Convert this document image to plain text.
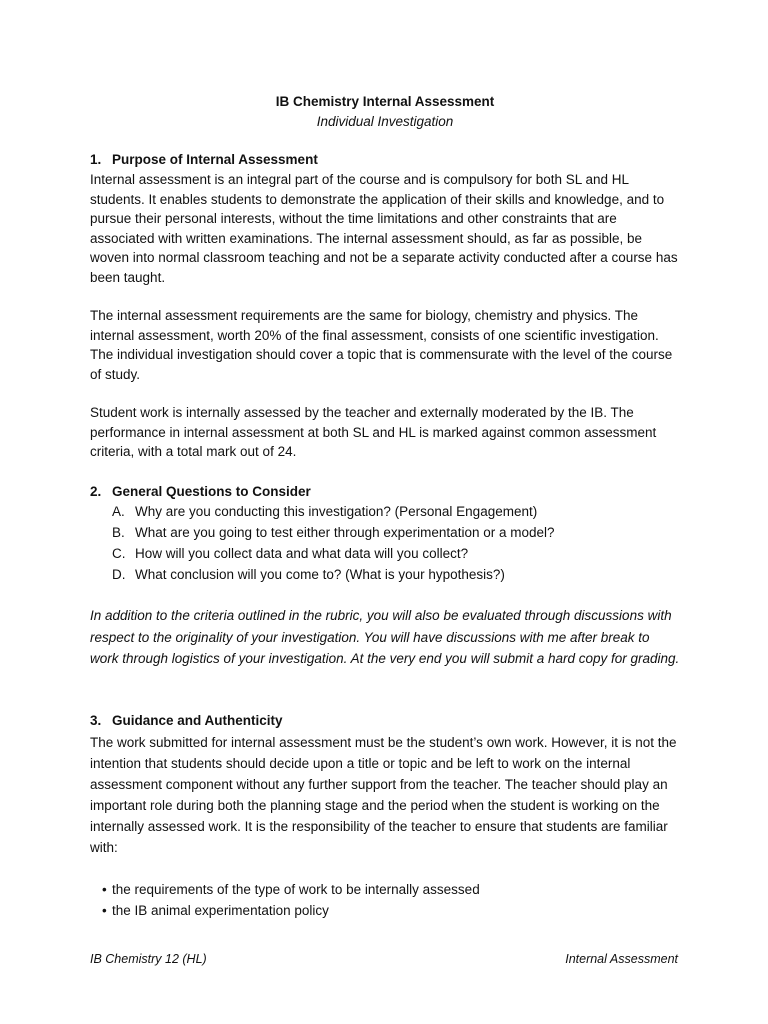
IB Chemistry Internal Assessment
Individual Investigation
1. Purpose of Internal Assessment

Internal assessment is an integral part of the course and is compulsory for both SL and HL students. It enables students to demonstrate the application of their skills and knowledge, and to pursue their personal interests, without the time limitations and other constraints that are associated with written examinations. The internal assessment should, as far as possible, be woven into normal classroom teaching and not be a separate activity conducted after a course has been taught.

The internal assessment requirements are the same for biology, chemistry and physics. The internal assessment, worth 20% of the final assessment, consists of one scientific investigation. The individual investigation should cover a topic that is commensurate with the level of the course of study.

Student work is internally assessed by the teacher and externally moderated by the IB. The performance in internal assessment at both SL and HL is marked against common assessment criteria, with a total mark out of 24.

2. General Questions to Consider
A. Why are you conducting this investigation? (Personal Engagement)
B. What are you going to test either through experimentation or a model?
C. How will you collect data and what data will you collect?
D. What conclusion will you come to? (What is your hypothesis?)

In addition to the criteria outlined in the rubric, you will also be evaluated through discussions with respect to the originality of your investigation. You will have discussions with me after break to work through logistics of your investigation. At the very end you will submit a hard copy for grading.

3. Guidance and Authenticity

The work submitted for internal assessment must be the student’s own work. However, it is not the intention that students should decide upon a title or topic and be left to work on the internal assessment component without any further support from the teacher. The teacher should play an important role during both the planning stage and the period when the student is working on the internally assessed work. It is the responsibility of the teacher to ensure that students are familiar with:

• the requirements of the type of work to be internally assessed
• the IB animal experimentation policy
IB Chemistry 12 (HL)	Internal Assessment
